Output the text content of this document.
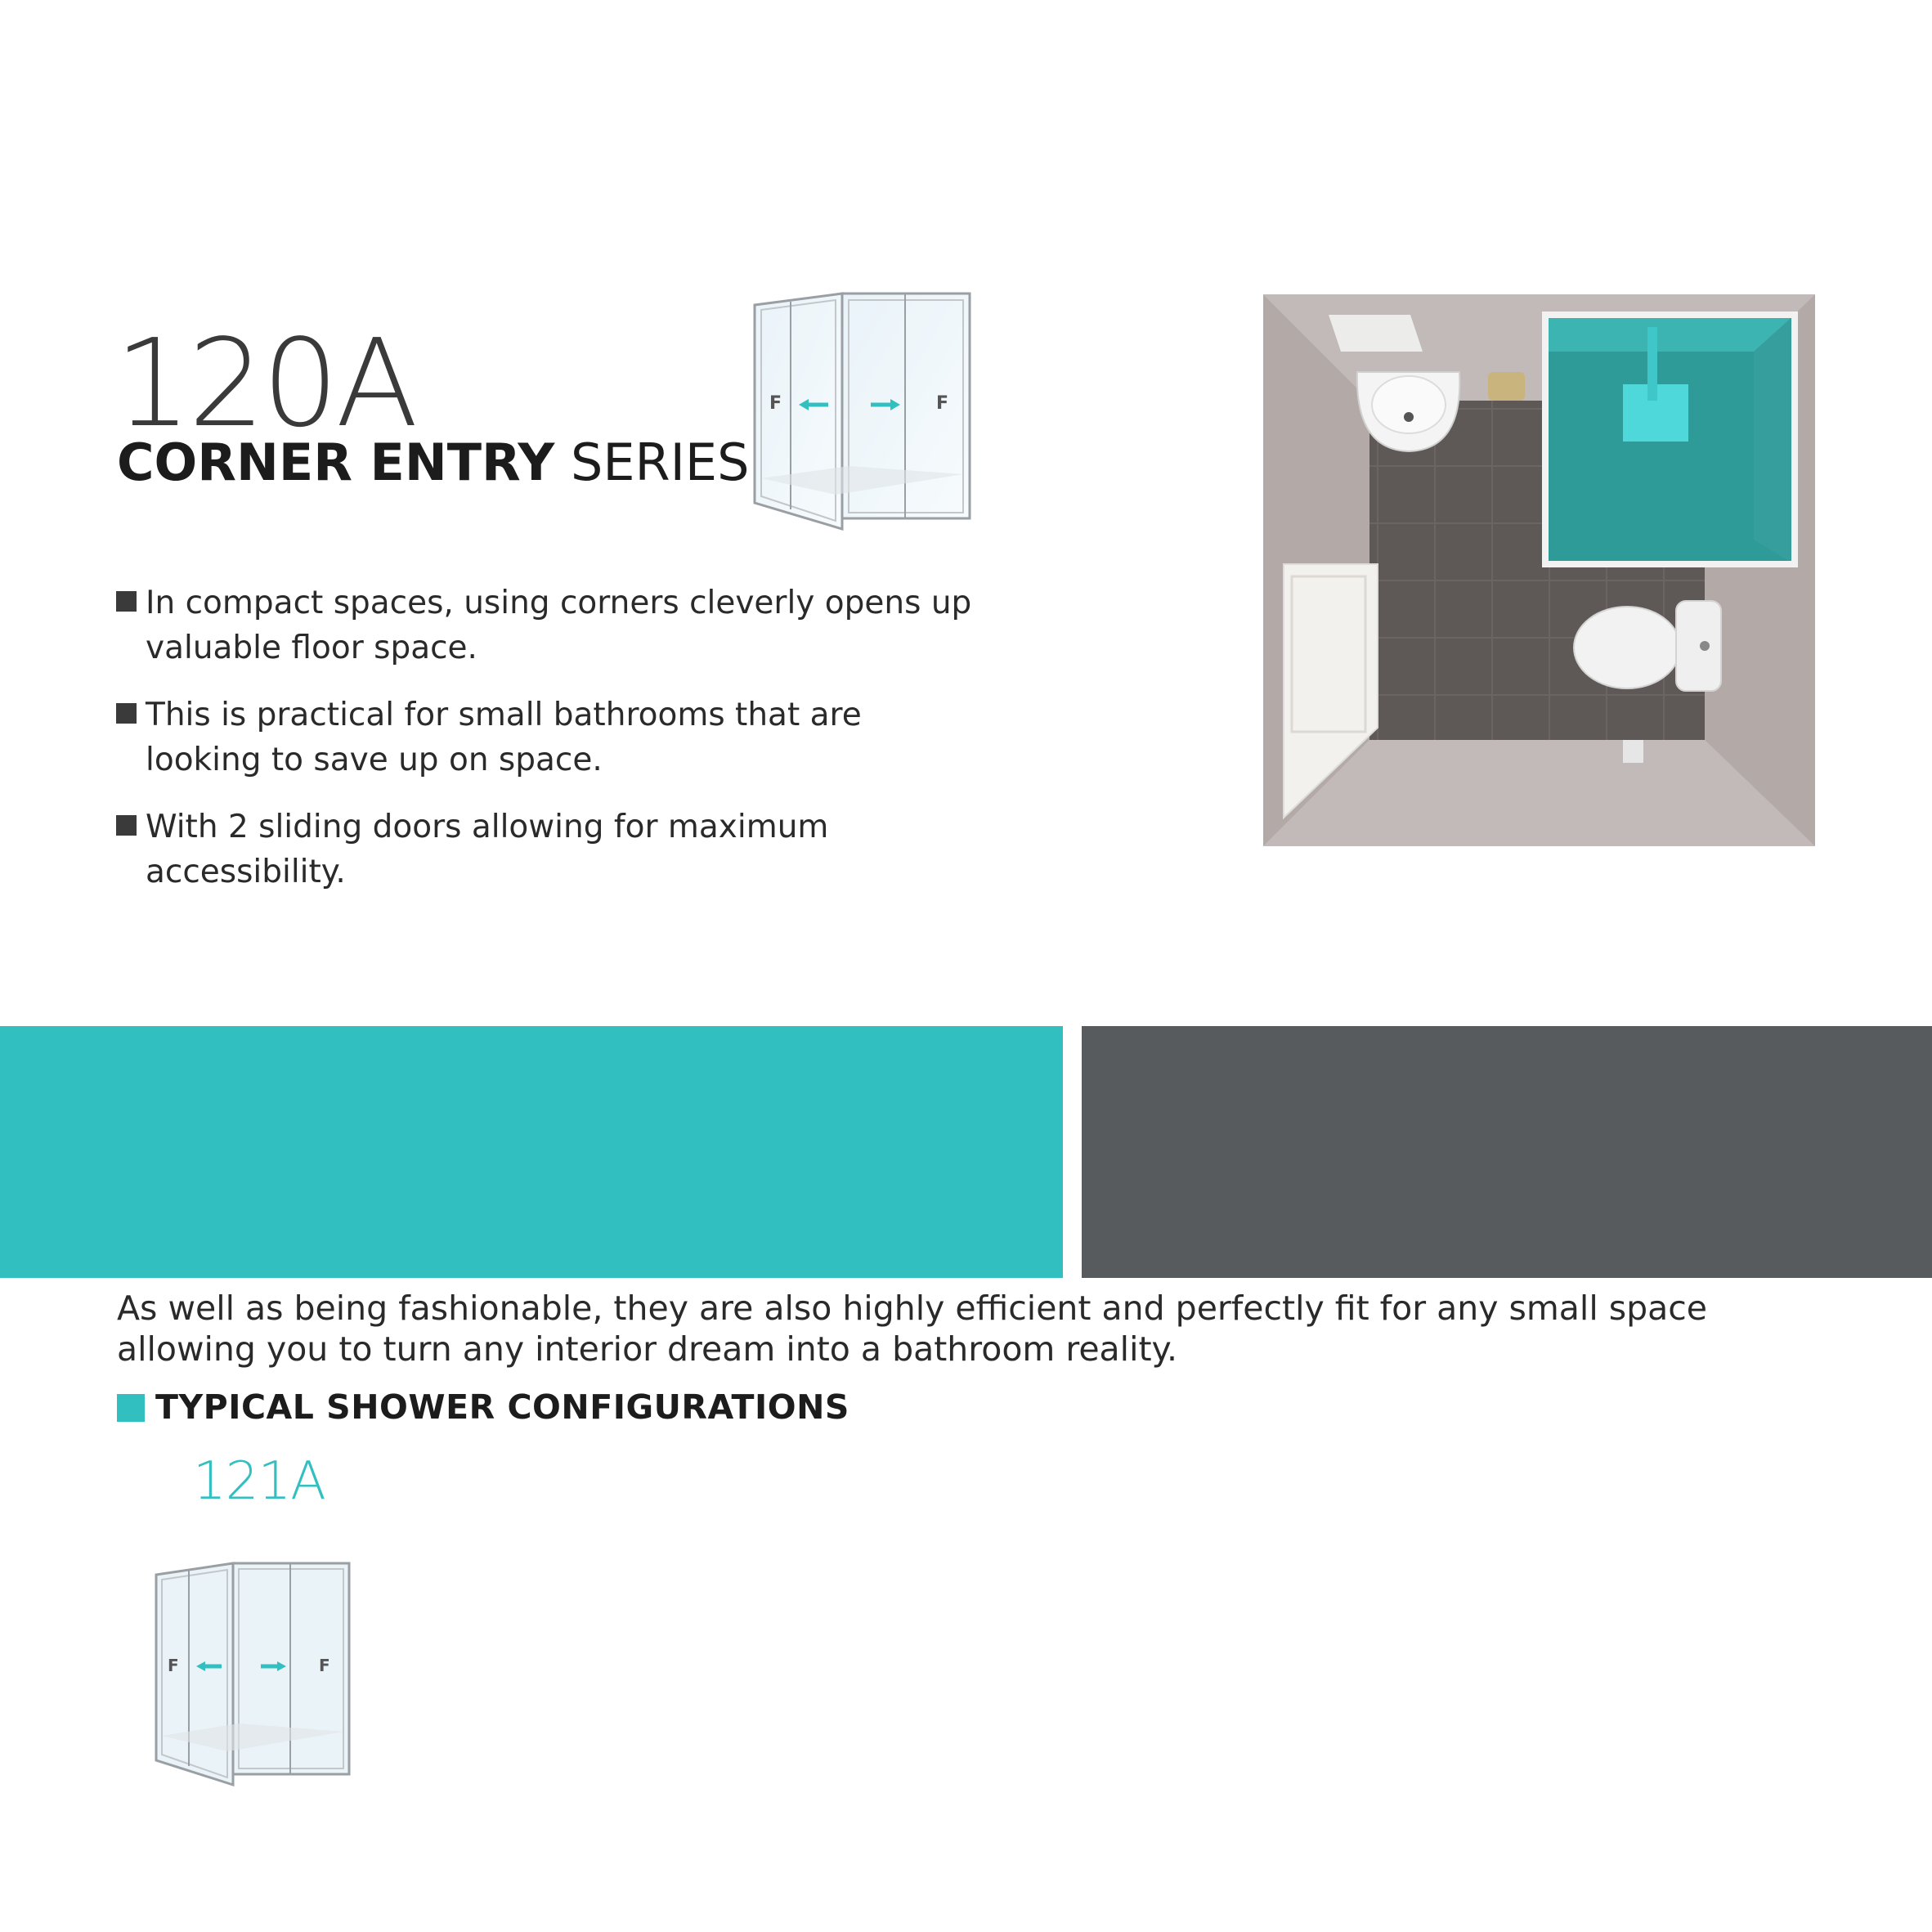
120A
CORNER ENTRY SERIES
F	F
In compact spaces, using corners cleverly opens up valuable floor space.
This is practical for small bathrooms that are looking to save up on space.
With 2 sliding doors allowing for maximum accessibility.
As well as being fashionable, they are also highly efficient and perfectly fit for any small space allowing you to turn any interior dream into a bathroom reality.
TYPICAL SHOWER CONFIGURATIONS
121A
F	F
